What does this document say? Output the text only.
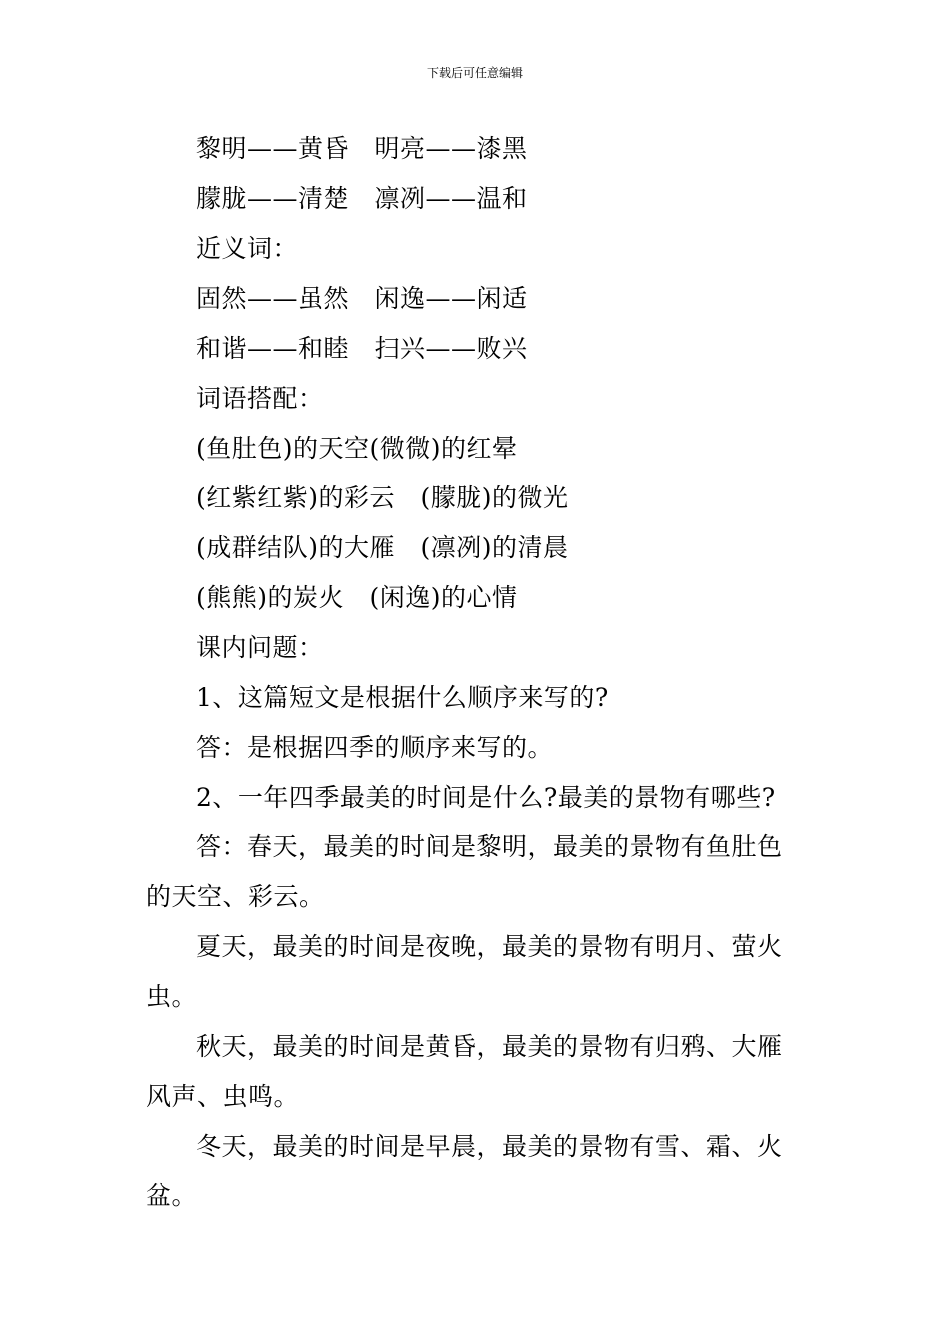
下载后可任意编辑
黎明——黄昏　明亮——漆黑
朦胧——清楚　凛冽——温和
近义词：
固然——虽然　闲逸——闲适
和谐——和睦　扫兴——败兴
词语搭配：
(鱼肚色)的天空(微微)的红晕
(红紫红紫)的彩云　(朦胧)的微光
(成群结队)的大雁　(凛冽)的清晨
(熊熊)的炭火　(闲逸)的心情
课内问题：
1、这篇短文是根据什么顺序来写的?
答：是根据四季的顺序来写的。
2、一年四季最美的时间是什么?最美的景物有哪些?
答：春天，最美的时间是黎明，最美的景物有鱼肚色
的天空、彩云。
夏天，最美的时间是夜晚，最美的景物有明月、萤火
虫。
秋天，最美的时间是黄昏，最美的景物有归鸦、大雁
风声、虫鸣。
冬天，最美的时间是早晨，最美的景物有雪、霜、火
盆。
